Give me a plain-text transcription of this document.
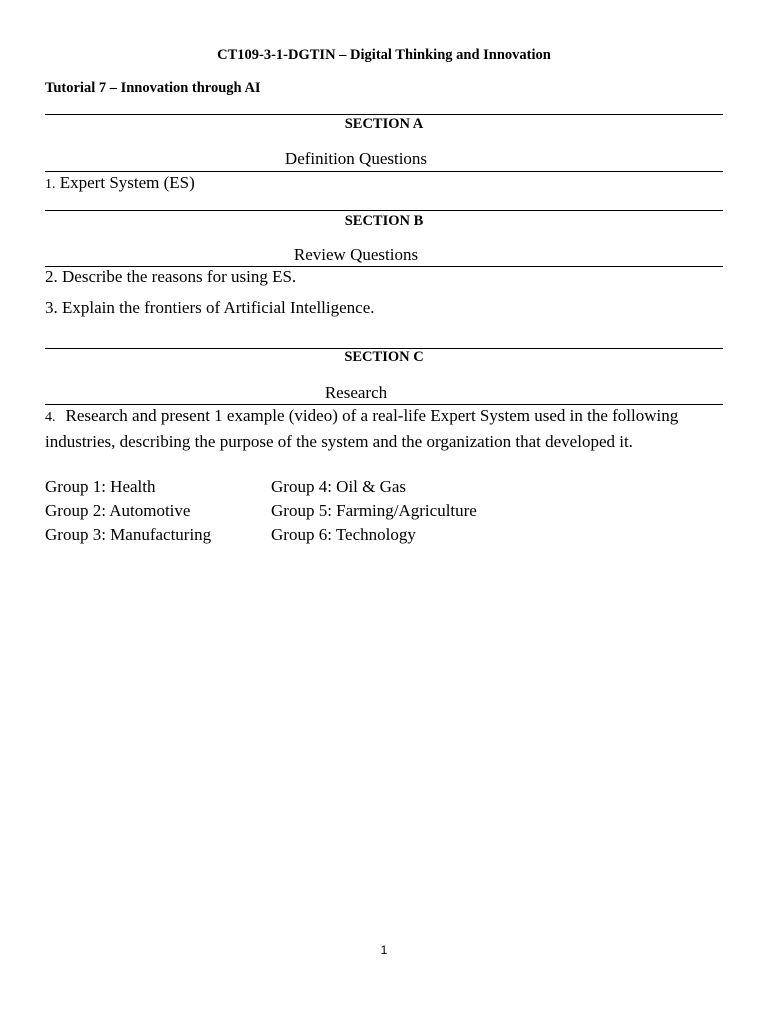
CT109-3-1-DGTIN – Digital Thinking and Innovation
Tutorial 7 – Innovation through AI
SECTION A
Definition Questions
1. Expert System (ES)
SECTION B
Review Questions
2. Describe the reasons for using ES.
3. Explain the frontiers of Artificial Intelligence.
SECTION C
Research
4. Research and present 1 example (video) of a real-life Expert System used in the following industries, describing the purpose of the system and the organization that developed it.
Group 1: Health	Group 4: Oil & Gas
Group 2: Automotive	Group 5: Farming/Agriculture
Group 3: Manufacturing	Group 6: Technology
1
